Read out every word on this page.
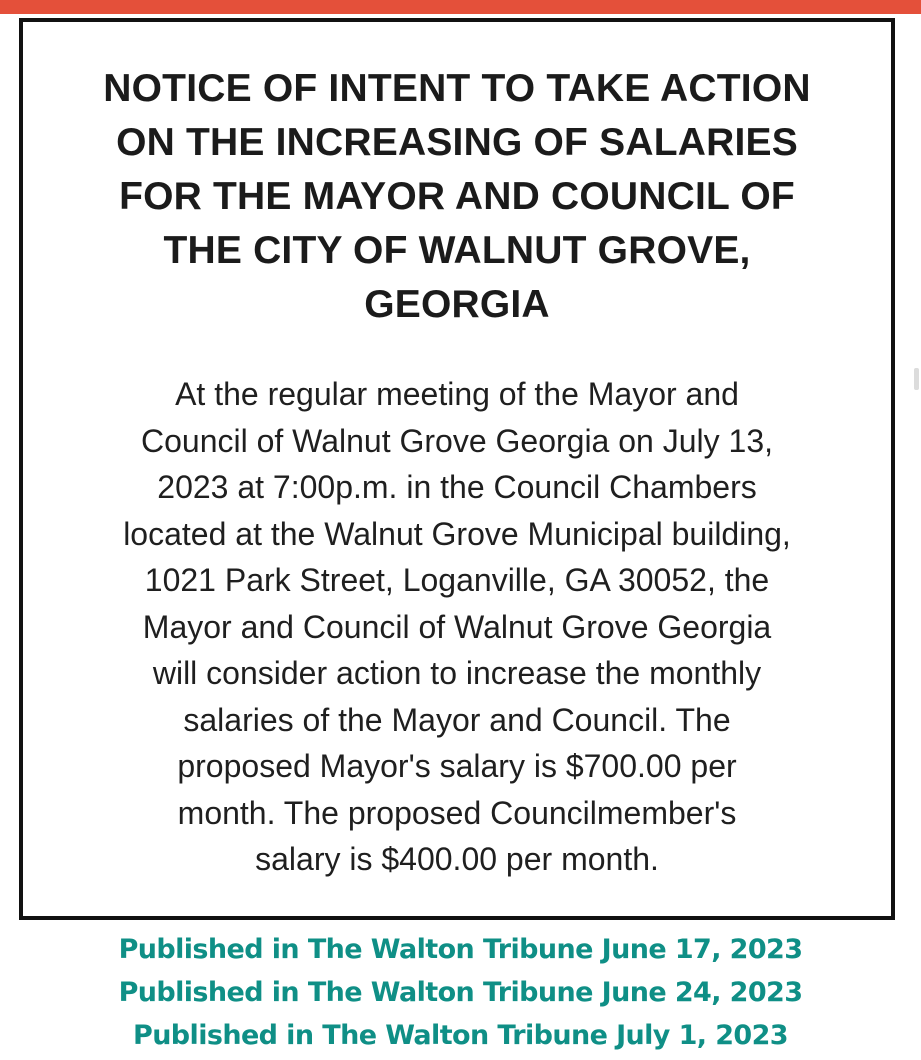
NOTICE OF INTENT TO TAKE ACTION
ON THE INCREASING OF SALARIES
FOR THE MAYOR AND COUNCIL OF
THE CITY OF WALNUT GROVE,
GEORGIA

At the regular meeting of the Mayor and
Council of Walnut Grove Georgia on July 13,
2023 at 7:00p.m. in the Council Chambers
located at the Walnut Grove Municipal building,
1021 Park Street, Loganville, GA 30052, the
Mayor and Council of Walnut Grove Georgia
will consider action to increase the monthly
salaries of the Mayor and Council. The
proposed Mayor's salary is $700.00 per
month. The proposed Councilmember's
salary is $400.00 per month.

Published in The Walton Tribune June 17, 2023
Published in The Walton Tribune June 24, 2023
Published in The Walton Tribune July 1, 2023
